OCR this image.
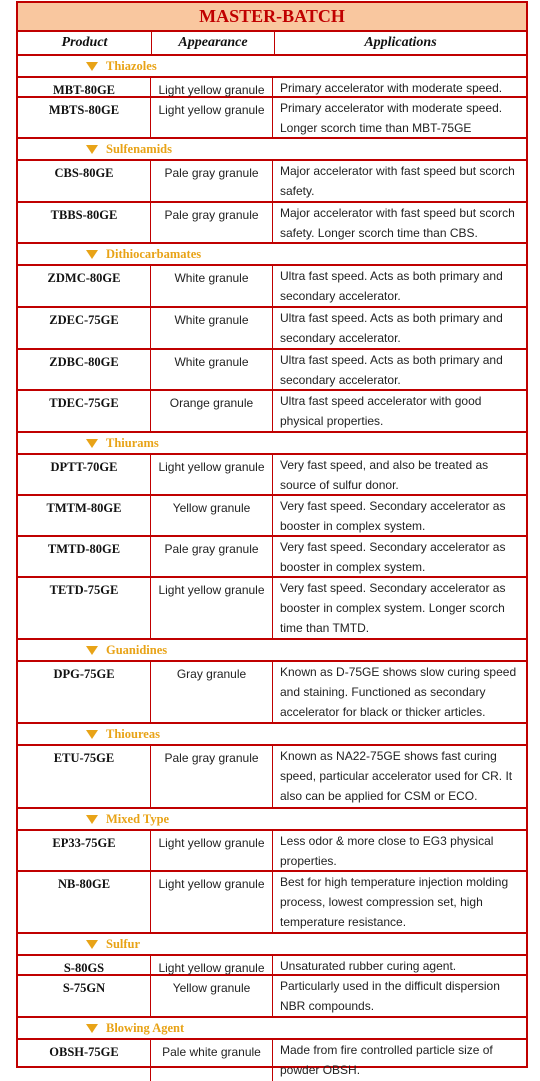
MASTER-BATCH
Product	Appearance	Applications
Thiazoles
MBT-80GE	Light yellow granule	Primary accelerator with moderate speed.
MBTS-80GE	Light yellow granule	Primary accelerator with moderate speed. Longer scorch time than MBT-75GE
Sulfenamids
CBS-80GE	Pale gray granule	Major accelerator with fast speed but scorch safety.
TBBS-80GE	Pale gray granule	Major accelerator with fast speed but scorch safety. Longer scorch time than CBS.
Dithiocarbamates
ZDMC-80GE	White granule	Ultra fast speed. Acts as both primary and secondary accelerator.
ZDEC-75GE	White granule	Ultra fast speed. Acts as both primary and secondary accelerator.
ZDBC-80GE	White granule	Ultra fast speed. Acts as both primary and secondary accelerator.
TDEC-75GE	Orange granule	Ultra fast speed accelerator with good physical properties.
Thiurams
DPTT-70GE	Light yellow granule	Very fast speed, and also be treated as source of sulfur donor.
TMTM-80GE	Yellow granule	Very fast speed. Secondary accelerator as booster in complex system.
TMTD-80GE	Pale gray granule	Very fast speed. Secondary accelerator as booster in complex system.
TETD-75GE	Light yellow granule	Very fast speed. Secondary accelerator as booster in complex system. Longer scorch time than TMTD.
Guanidines
DPG-75GE	Gray granule	Known as D-75GE shows slow curing speed and staining. Functioned as secondary accelerator for black or thicker articles.
Thioureas
ETU-75GE	Pale gray granule	Known as NA22-75GE shows fast curing speed, particular accelerator used for CR. It also can be applied for CSM or ECO.
Mixed Type
EP33-75GE	Light yellow granule	Less odor & more close to EG3 physical properties.
NB-80GE	Light yellow granule	Best for high temperature injection molding process, lowest compression set, high temperature resistance.
Sulfur
S-80GS	Light yellow granule	Unsaturated rubber curing agent.
S-75GN	Yellow granule	Particularly used in the difficult dispersion NBR compounds.
Blowing Agent
OBSH-75GE	Pale white granule	Made from fire controlled particle size of powder OBSH.
